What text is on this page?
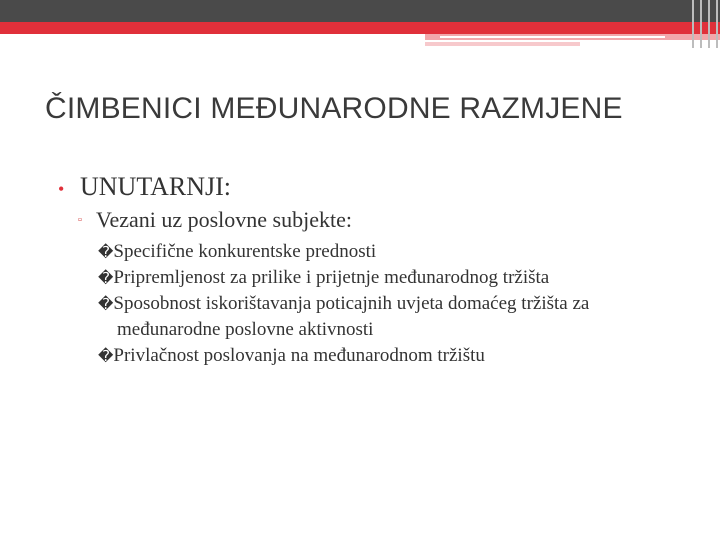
ČIMBENICI MEĐUNARODNE RAZMJENE

• UNUTARNJI:

▫ Vezani uz poslovne subjekte:

�Specifične konkurentske prednosti
�Pripremljenost za prilike i prijetnje međunarodnog tržišta
�Sposobnost iskorištavanja poticajnih uvjeta domaćeg tržišta za
međunarodne poslovne aktivnosti
�Privlačnost poslovanja na međunarodnom tržištu
